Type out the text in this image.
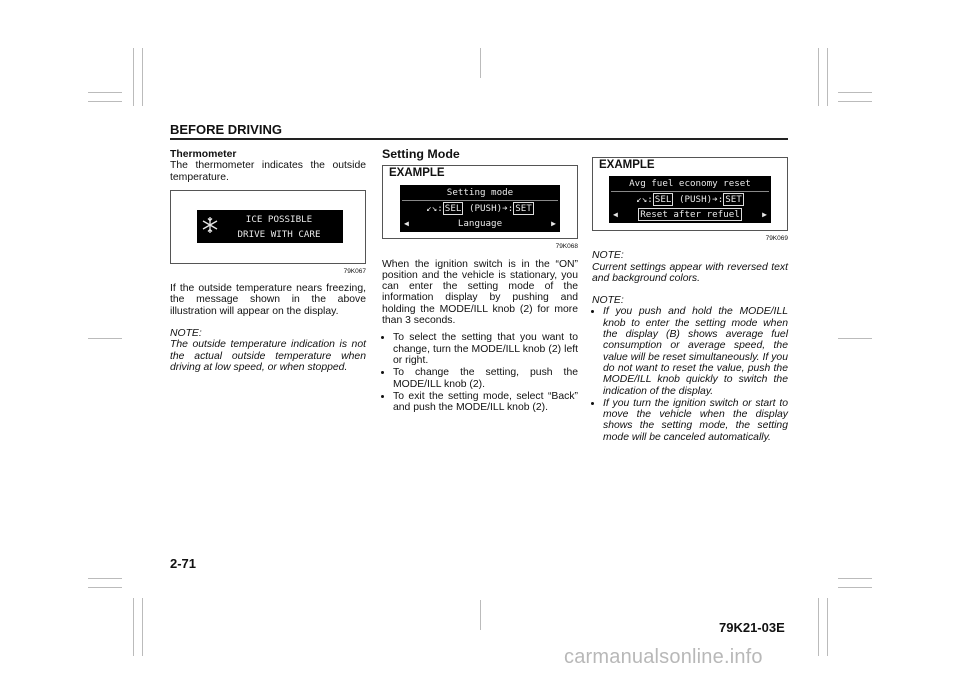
BEFORE DRIVING
Thermometer
The thermometer indicates the outside temperature.
ICE POSSIBLE
DRIVE WITH CARE
79K067
If the outside temperature nears freezing, the message shown in the above illustration will appear on the display.
NOTE:
The outside temperature indication is not the actual outside temperature when driving at low speed, or when stopped.
Setting Mode
EXAMPLE
Setting mode
↙↘: SEL (PUSH)➔: SET
Language
◀	▶
79K068
When the ignition switch is in the “ON” position and the vehicle is stationary, you can enter the setting mode of the information display by pushing and holding the MODE/ILL knob (2) for more than 3 seconds.
• To select the setting that you want to change, turn the MODE/ILL knob (2) left or right.
• To change the setting, push the MODE/ILL knob (2).
• To exit the setting mode, select “Back” and push the MODE/ILL knob (2).
EXAMPLE
Avg fuel economy reset
↙↘: SEL (PUSH)➔: SET
Reset after refuel
◀	▶
79K069
NOTE:
Current settings appear with reversed text and background colors.
NOTE:
• If you push and hold the MODE/ILL knob to enter the setting mode when the display (B) shows average fuel consumption or average speed, the value will be reset simultaneously. If you do not want to reset the value, push the MODE/ILL knob quickly to switch the indication of the display.
• If you turn the ignition switch or start to move the vehicle when the display shows the setting mode, the setting mode will be canceled automatically.
2-71
79K21-03E
carmanualsonline.info
